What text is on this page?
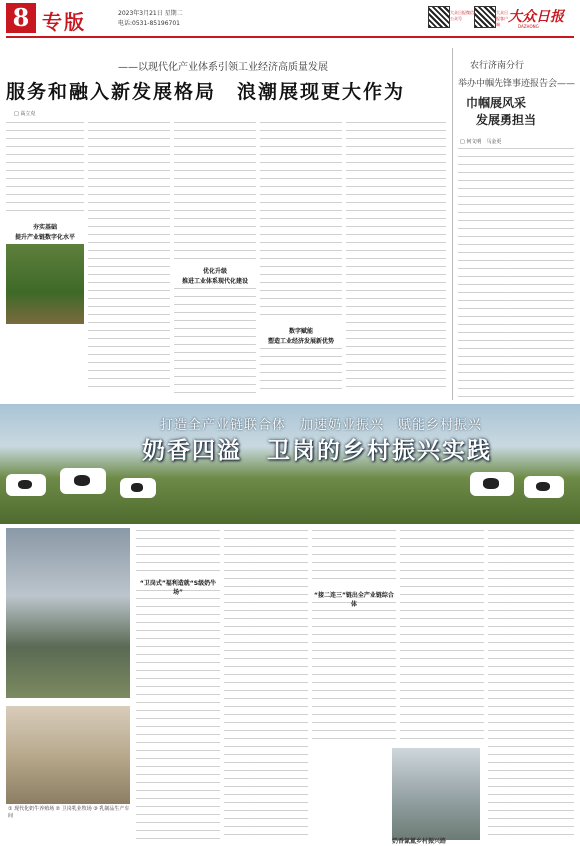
8 专版	2023年3月21日 星期二
电话:0531-85196701
大众日报微信公众号
大众日报客户端 大众日报
DAZHONG
——以现代化产业体系引领工业经济高质量发展
服务和融入新发展格局　浪潮展现更大作为
□ 高立克
夯实基础
提升产业链数字化水平
优化升级
推进工业体系现代化建设
数字赋能
塑造工业经济发展新优势
农行济南分行
举办中帼先锋事迹报告会——
巾帼展风采
发展勇担当
□ 何文明　马金更
打造全产业链联合体　加速奶业振兴　赋能乡村振兴
奶香四溢　卫岗的乡村振兴实践
① 现代化奶牛养殖场 ② 卫岗乳业牧场 ③ 乳制品生产车间
“卫岗式”福利造就“S级奶牛场”	“接二连三”链出全产业链综合体
奶香氤氲乡村振兴路
